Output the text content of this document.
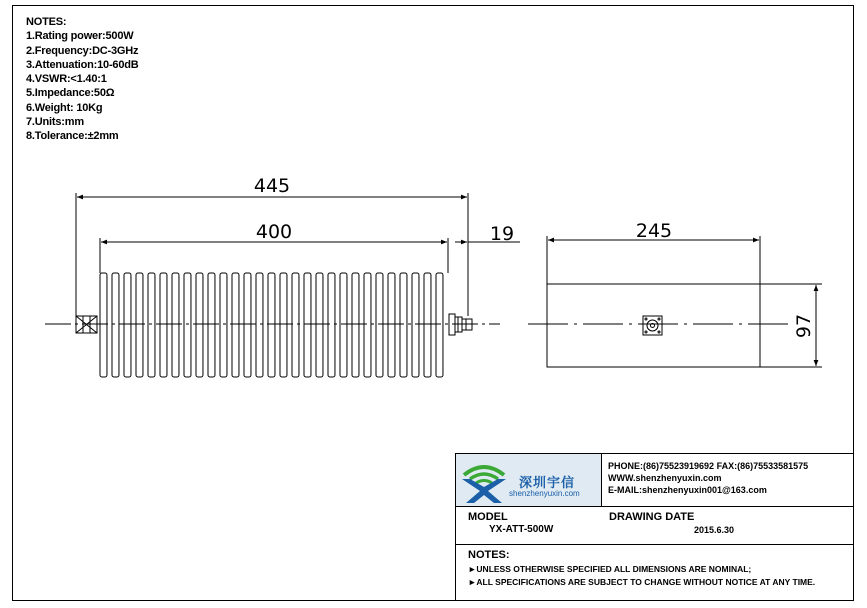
NOTES:
1.Rating power:500W
2.Frequency:DC-3GHz
3.Attenuation:10-60dB
4.VSWR:<1.40:1
5.Impedance:50Ω
6.Weight: 10Kg
7.Units:mm
8.Tolerance:±2mm
445
400	19	245
97
深圳宇信
shenzhenyuxin.com
PHONE:(86)75523919692 FAX:(86)75533581575
WWW.shenzhenyuxin.com
E-MAIL:shenzhenyuxin001@163.com
MODEL
YX-ATT-500W
DRAWING DATE
2015.6.30
NOTES:
►UNLESS OTHERWISE SPECIFIED ALL DIMENSIONS ARE NOMINAL;
►ALL SPECIFICATIONS ARE SUBJECT TO CHANGE WITHOUT NOTICE AT ANY TIME.
